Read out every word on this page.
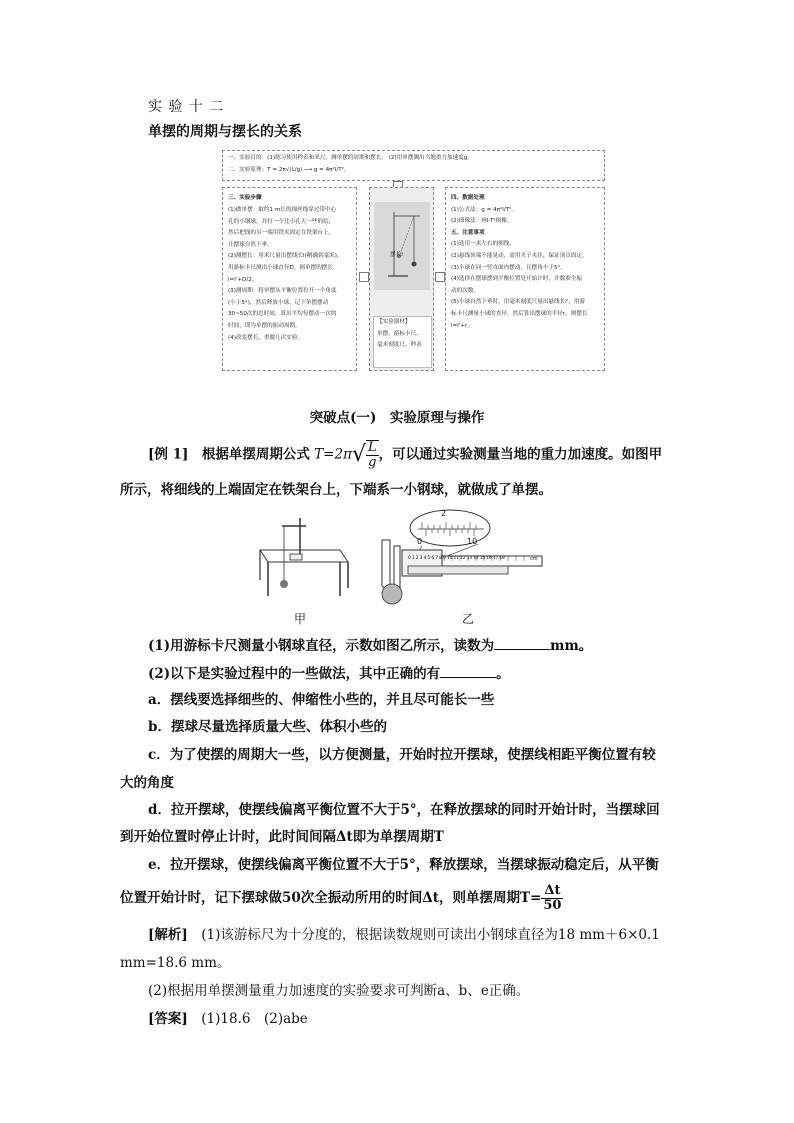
实 验 十 二
单摆的周期与摆长的关系
一、实验目的：(1)练习使用秒表和米尺，测单摆的周期和摆长。 (2)用单摆测出当地重力加速度g。
二、实验原理：T = 2π√(L/g) ⟶ g = 4π²l/T²。
三、实验步骤
(1)做单摆：取约1 m长的细丝线穿过带中心
孔的小钢球，并打一个比小孔大一些的结，
然后把线的另一端用铁夹固定在铁架台上，
让摆球自然下垂。
(2)测摆长：用米尺量出摆线长l(精确到毫米)，
用游标卡尺测出小球直径D，则单摆的摆长
l=l'+D/2。
(3)测周期：将单摆从平衡位置拉开一个角度
(小于5°)，然后释放小球，记下单摆摆动
30~50次的总时间，算出平均每摆动一次的
时间，即为单摆的振动周期。
(4)改变摆长，重做几次实验。
摆长l
【实验器材】
单摆、游标卡尺、
毫米刻度尺、秒表
四、数据处理
(1)公式法：g = 4π²l/T²。
(2)图像法：画l-T²图像。
五、注意事项
(1)选用一米左右的细线。
(2)悬线顶端不能晃动，需用夹子夹住，保证顶点固定。
(3)小球在同一竖直面内摆动，且摆角小于5°。
(4)选择在摆球摆到平衡位置处开始计时，并数准全振
动的次数。
(5)小球自然下垂时，用毫米刻度尺量出悬线长l'，用游
标卡尺测量小球的直径，然后算出摆球的半径r，则摆长
l=l'+r。
突破点(一)　实验原理与操作
[例 1]　根据单摆周期公式 $T=2\pi√ \frac{L}{g}$ ，可以通过实验测量当地的重力加速度。如图甲
所示，将细线的上端固定在铁架台上，下端系一小钢球，就做成了单摆。
甲
2
0	10
0 1 2 3 4 5 6 7 8 9 10 11 12 13 14 15 16 17 18	cm
乙
(1)用游标卡尺测量小钢球直径，示数如图乙所示，读数为	mm。
(2)以下是实验过程中的一些做法，其中正确的有	。
a．摆线要选择细些的、伸缩性小些的，并且尽可能长一些
b．摆球尽量选择质量大些、体积小些的
c．为了使摆的周期大一些，以方便测量，开始时拉开摆球，使摆线相距平衡位置有较
大的角度
d．拉开摆球，使摆线偏离平衡位置不大于5°，在释放摆球的同时开始计时，当摆球回
到开始位置时停止计时，此时间间隔Δt即为单摆周期T
e．拉开摆球，使摆线偏离平衡位置不大于5°，释放摆球，当摆球振动稳定后，从平衡
位置开始计时，记下摆球做50次全振动所用的时间Δt，则单摆周期$T= \frac{\Delta t}{50}$
[解析]　 (1)该游标尺为十分度的，根据读数规则可读出小钢球直径为18 mm＋6×0.1
mm=18.6 mm。
(2)根据用单摆测量重力加速度的实验要求可判断a、b、e正确。
[答案]　 (1)18.6　(2)abe
